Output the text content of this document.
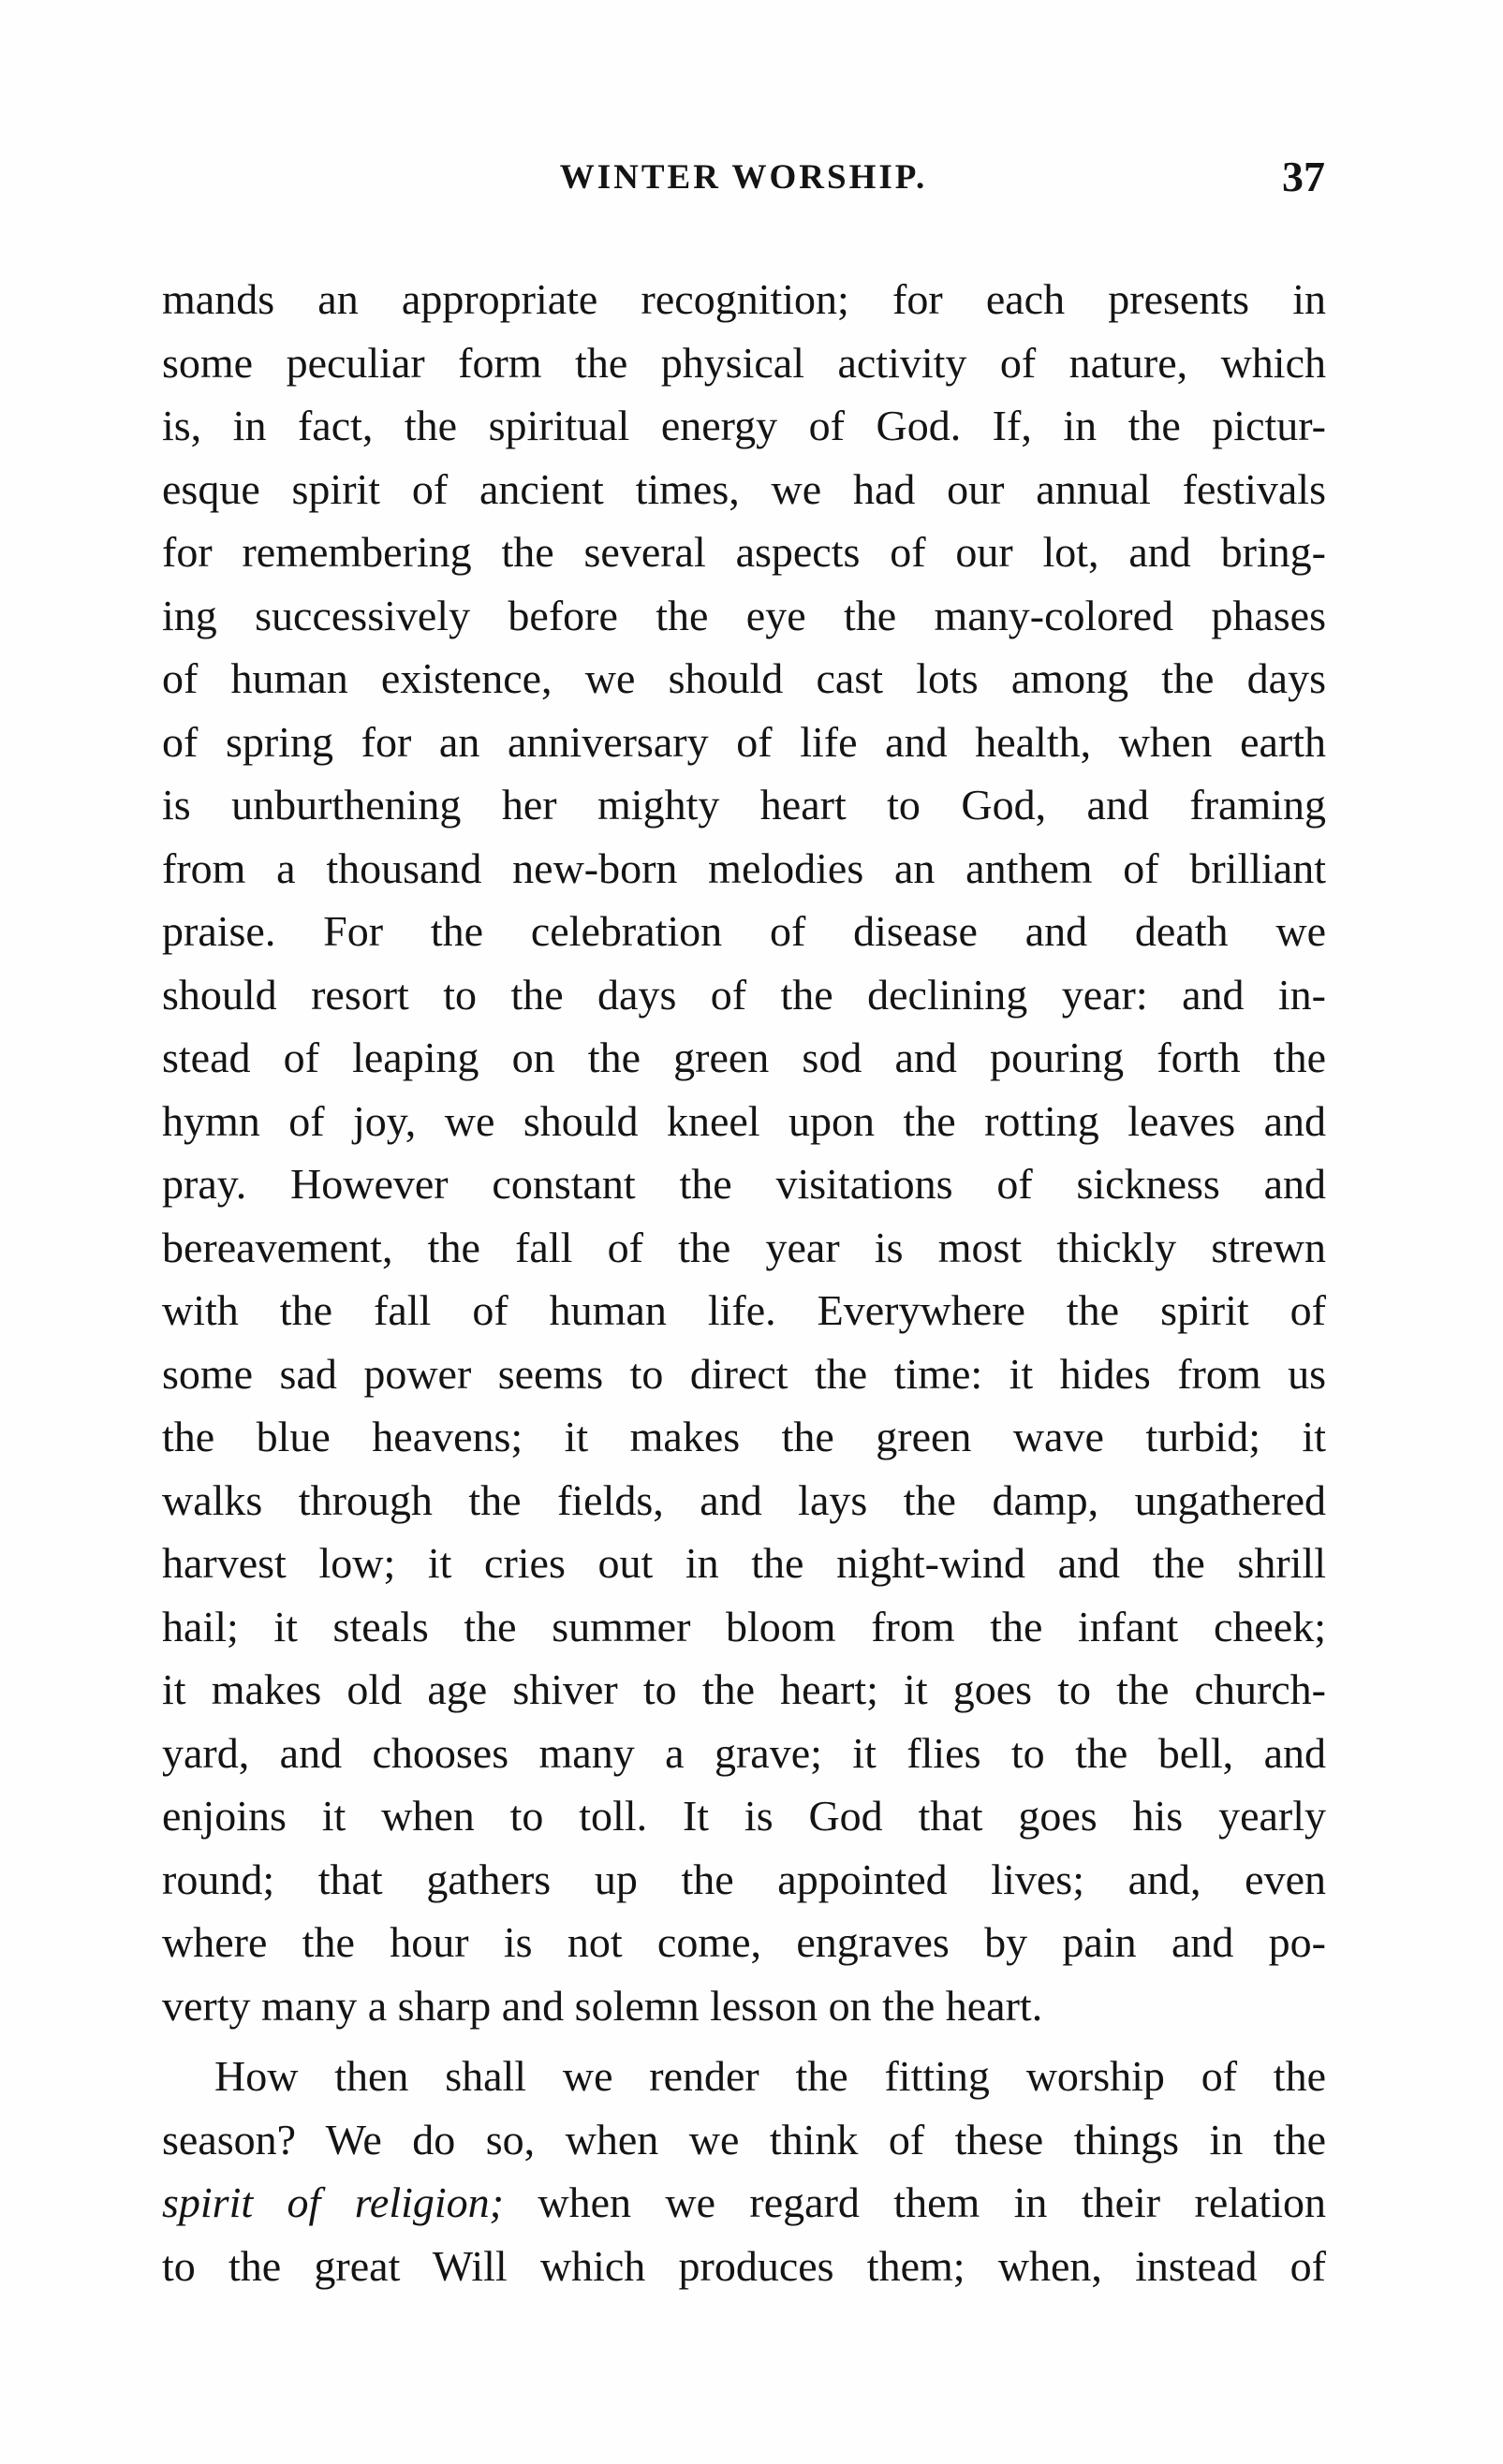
WINTER WORSHIP.	37
mands an appropriate recognition; for each presents in
some peculiar form the physical activity of nature, which
is, in fact, the spiritual energy of God. If, in the pictur-
esque spirit of ancient times, we had our annual festivals
for remembering the several aspects of our lot, and bring-
ing successively before the eye the many-colored phases
of human existence, we should cast lots among the days
of spring for an anniversary of life and health, when earth
is unburthening her mighty heart to God, and framing
from a thousand new-born melodies an anthem of brilliant
praise. For the celebration of disease and death we
should resort to the days of the declining year: and in-
stead of leaping on the green sod and pouring forth the
hymn of joy, we should kneel upon the rotting leaves and
pray. However constant the visitations of sickness and
bereavement, the fall of the year is most thickly strewn
with the fall of human life. Everywhere the spirit of
some sad power seems to direct the time: it hides from us
the blue heavens; it makes the green wave turbid; it
walks through the fields, and lays the damp, ungathered
harvest low; it cries out in the night-wind and the shrill
hail; it steals the summer bloom from the infant cheek;
it makes old age shiver to the heart; it goes to the church-
yard, and chooses many a grave; it flies to the bell, and
enjoins it when to toll. It is God that goes his yearly
round; that gathers up the appointed lives; and, even
where the hour is not come, engraves by pain and po-
verty many a sharp and solemn lesson on the heart.
How then shall we render the fitting worship of the
season? We do so, when we think of these things in the
spirit of religion; when we regard them in their relation
to the great Will which produces them; when, instead of
